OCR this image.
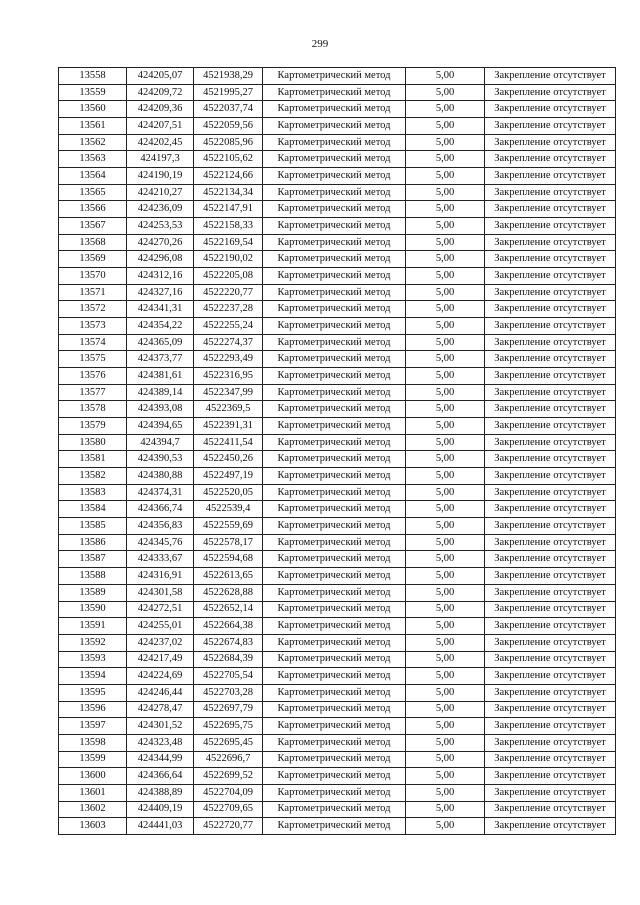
299
13558	424205,07	4521938,29	Картометрический метод	5,00	Закрепление отсутствует
13559	424209,72	4521995,27	Картометрический метод	5,00	Закрепление отсутствует
13560	424209,36	4522037,74	Картометрический метод	5,00	Закрепление отсутствует
13561	424207,51	4522059,56	Картометрический метод	5,00	Закрепление отсутствует
13562	424202,45	4522085,96	Картометрический метод	5,00	Закрепление отсутствует
13563	424197,3	4522105,62	Картометрический метод	5,00	Закрепление отсутствует
13564	424190,19	4522124,66	Картометрический метод	5,00	Закрепление отсутствует
13565	424210,27	4522134,34	Картометрический метод	5,00	Закрепление отсутствует
13566	424236,09	4522147,91	Картометрический метод	5,00	Закрепление отсутствует
13567	424253,53	4522158,33	Картометрический метод	5,00	Закрепление отсутствует
13568	424270,26	4522169,54	Картометрический метод	5,00	Закрепление отсутствует
13569	424296,08	4522190,02	Картометрический метод	5,00	Закрепление отсутствует
13570	424312,16	4522205,08	Картометрический метод	5,00	Закрепление отсутствует
13571	424327,16	4522220,77	Картометрический метод	5,00	Закрепление отсутствует
13572	424341,31	4522237,28	Картометрический метод	5,00	Закрепление отсутствует
13573	424354,22	4522255,24	Картометрический метод	5,00	Закрепление отсутствует
13574	424365,09	4522274,37	Картометрический метод	5,00	Закрепление отсутствует
13575	424373,77	4522293,49	Картометрический метод	5,00	Закрепление отсутствует
13576	424381,61	4522316,95	Картометрический метод	5,00	Закрепление отсутствует
13577	424389,14	4522347,99	Картометрический метод	5,00	Закрепление отсутствует
13578	424393,08	4522369,5	Картометрический метод	5,00	Закрепление отсутствует
13579	424394,65	4522391,31	Картометрический метод	5,00	Закрепление отсутствует
13580	424394,7	4522411,54	Картометрический метод	5,00	Закрепление отсутствует
13581	424390,53	4522450,26	Картометрический метод	5,00	Закрепление отсутствует
13582	424380,88	4522497,19	Картометрический метод	5,00	Закрепление отсутствует
13583	424374,31	4522520,05	Картометрический метод	5,00	Закрепление отсутствует
13584	424366,74	4522539,4	Картометрический метод	5,00	Закрепление отсутствует
13585	424356,83	4522559,69	Картометрический метод	5,00	Закрепление отсутствует
13586	424345,76	4522578,17	Картометрический метод	5,00	Закрепление отсутствует
13587	424333,67	4522594,68	Картометрический метод	5,00	Закрепление отсутствует
13588	424316,91	4522613,65	Картометрический метод	5,00	Закрепление отсутствует
13589	424301,58	4522628,88	Картометрический метод	5,00	Закрепление отсутствует
13590	424272,51	4522652,14	Картометрический метод	5,00	Закрепление отсутствует
13591	424255,01	4522664,38	Картометрический метод	5,00	Закрепление отсутствует
13592	424237,02	4522674,83	Картометрический метод	5,00	Закрепление отсутствует
13593	424217,49	4522684,39	Картометрический метод	5,00	Закрепление отсутствует
13594	424224,69	4522705,54	Картометрический метод	5,00	Закрепление отсутствует
13595	424246,44	4522703,28	Картометрический метод	5,00	Закрепление отсутствует
13596	424278,47	4522697,79	Картометрический метод	5,00	Закрепление отсутствует
13597	424301,52	4522695,75	Картометрический метод	5,00	Закрепление отсутствует
13598	424323,48	4522695,45	Картометрический метод	5,00	Закрепление отсутствует
13599	424344,99	4522696,7	Картометрический метод	5,00	Закрепление отсутствует
13600	424366,64	4522699,52	Картометрический метод	5,00	Закрепление отсутствует
13601	424388,89	4522704,09	Картометрический метод	5,00	Закрепление отсутствует
13602	424409,19	4522709,65	Картометрический метод	5,00	Закрепление отсутствует
13603	424441,03	4522720,77	Картометрический метод	5,00	Закрепление отсутствует
